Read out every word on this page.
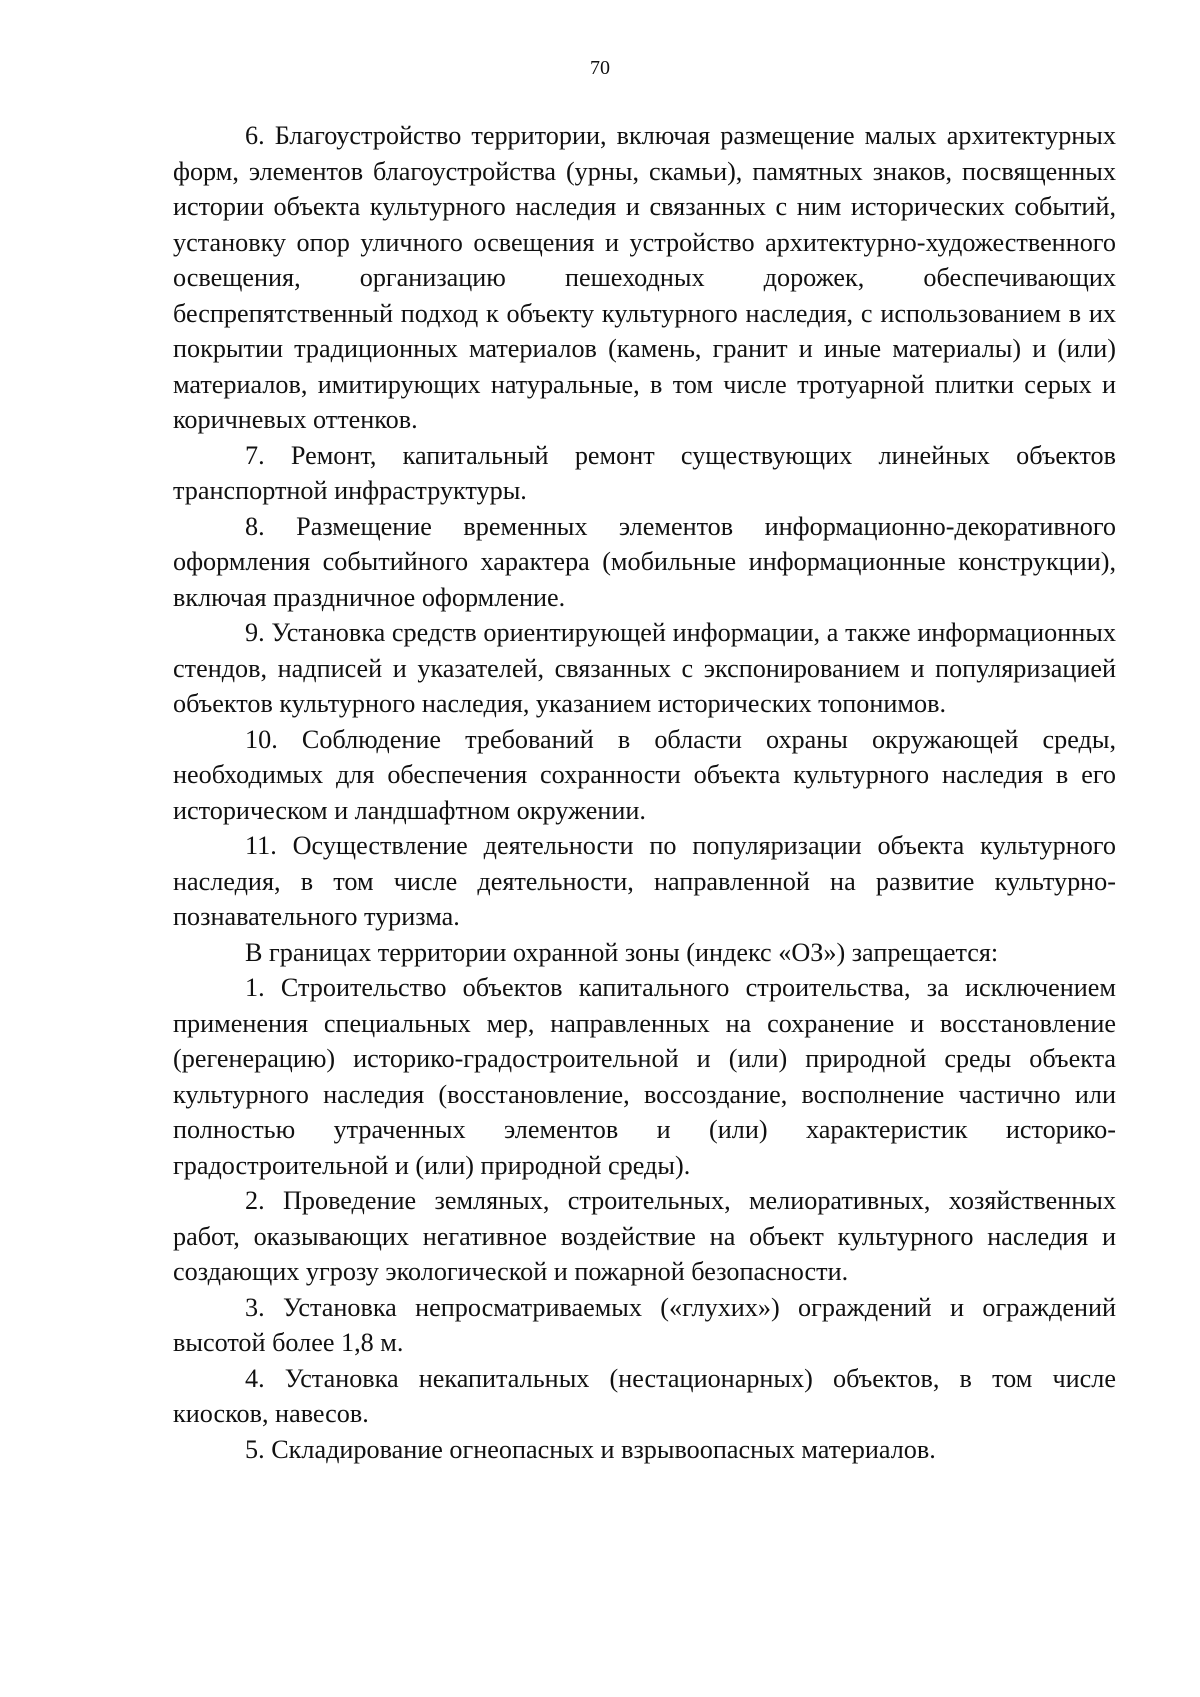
70

6. Благоустройство территории, включая размещение малых архитектурных форм, элементов благоустройства (урны, скамьи), памятных знаков, посвященных истории объекта культурного наследия и связанных с ним исторических событий, установку опор уличного освещения и устройство архитектурно-художественного освещения, организацию пешеходных дорожек, обеспечивающих беспрепятственный подход к объекту культурного наследия, с использованием в их покрытии традиционных материалов (камень, гранит и иные материалы) и (или) материалов, имитирующих натуральные, в том числе тротуарной плитки серых и коричневых оттенков.

7. Ремонт, капитальный ремонт существующих линейных объектов транспортной инфраструктуры.

8. Размещение временных элементов информационно-декоративного оформления событийного характера (мобильные информационные конструкции), включая праздничное оформление.

9. Установка средств ориентирующей информации, а также информационных стендов, надписей и указателей, связанных с экспонированием и популяризацией объектов культурного наследия, указанием исторических топонимов.

10. Соблюдение требований в области охраны окружающей среды, необходимых для обеспечения сохранности объекта культурного наследия в его историческом и ландшафтном окружении.

11. Осуществление деятельности по популяризации объекта культурного наследия, в том числе деятельности, направленной на развитие культурно-познавательного туризма.

В границах территории охранной зоны (индекс «ОЗ») запрещается:

1. Строительство объектов капитального строительства, за исключением применения специальных мер, направленных на сохранение и восстановление (регенерацию) историко-градостроительной и (или) природной среды объекта культурного наследия (восстановление, воссоздание, восполнение частично или полностью утраченных элементов и (или) характеристик историко-градостроительной и (или) природной среды).

2. Проведение земляных, строительных, мелиоративных, хозяйственных работ, оказывающих негативное воздействие на объект культурного наследия и создающих угрозу экологической и пожарной безопасности.

3. Установка непросматриваемых («глухих») ограждений и ограждений высотой более 1,8 м.

4. Установка некапитальных (нестационарных) объектов, в том числе киосков, навесов.

5. Складирование огнеопасных и взрывоопасных материалов.
